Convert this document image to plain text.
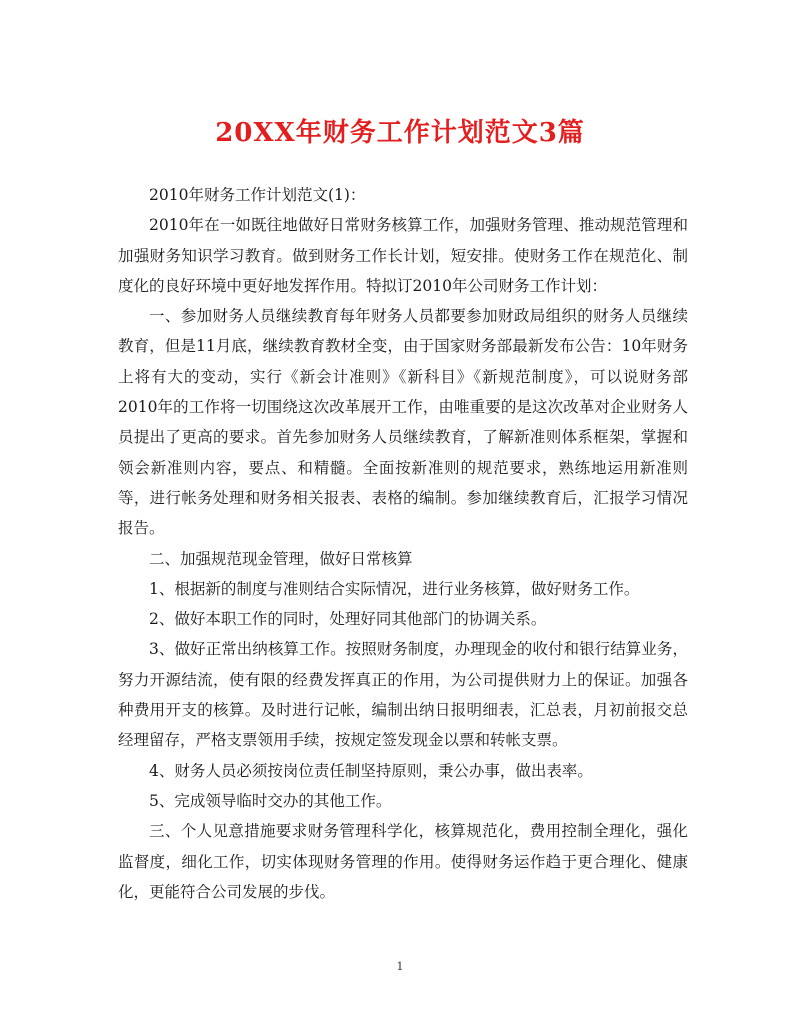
20XX年财务工作计划范文3篇

2010年财务工作计划范文(1)：

2010年在一如既往地做好日常财务核算工作，加强财务管理、推动规范管理和加强财务知识学习教育。做到财务工作长计划，短安排。使财务工作在规范化、制度化的良好环境中更好地发挥作用。特拟订2010年公司财务工作计划：

一、参加财务人员继续教育每年财务人员都要参加财政局组织的财务人员继续教育，但是11月底，继续教育教材全变，由于国家财务部最新发布公告：10年财务上将有大的变动，实行《新会计准则》《新科目》《新规范制度》，可以说财务部2010年的工作将一切围绕这次改革展开工作，由唯重要的是这次改革对企业财务人员提出了更高的要求。首先参加财务人员继续教育，了解新准则体系框架，掌握和领会新准则内容，要点、和精髓。全面按新准则的规范要求，熟练地运用新准则等，进行帐务处理和财务相关报表、表格的编制。参加继续教育后，汇报学习情况报告。

二、加强规范现金管理，做好日常核算

1、根据新的制度与准则结合实际情况，进行业务核算，做好财务工作。

2、做好本职工作的同时，处理好同其他部门的协调关系。

3、做好正常出纳核算工作。按照财务制度，办理现金的收付和银行结算业务，努力开源结流，使有限的经费发挥真正的作用，为公司提供财力上的保证。加强各种费用开支的核算。及时进行记帐，编制出纳日报明细表，汇总表，月初前报交总经理留存，严格支票领用手续，按规定签发现金以票和转帐支票。

4、财务人员必须按岗位责任制坚持原则，秉公办事，做出表率。

5、完成领导临时交办的其他工作。

三、个人见意措施要求财务管理科学化，核算规范化，费用控制全理化，强化监督度，细化工作，切实体现财务管理的作用。使得财务运作趋于更合理化、健康化，更能符合公司发展的步伐。

1
